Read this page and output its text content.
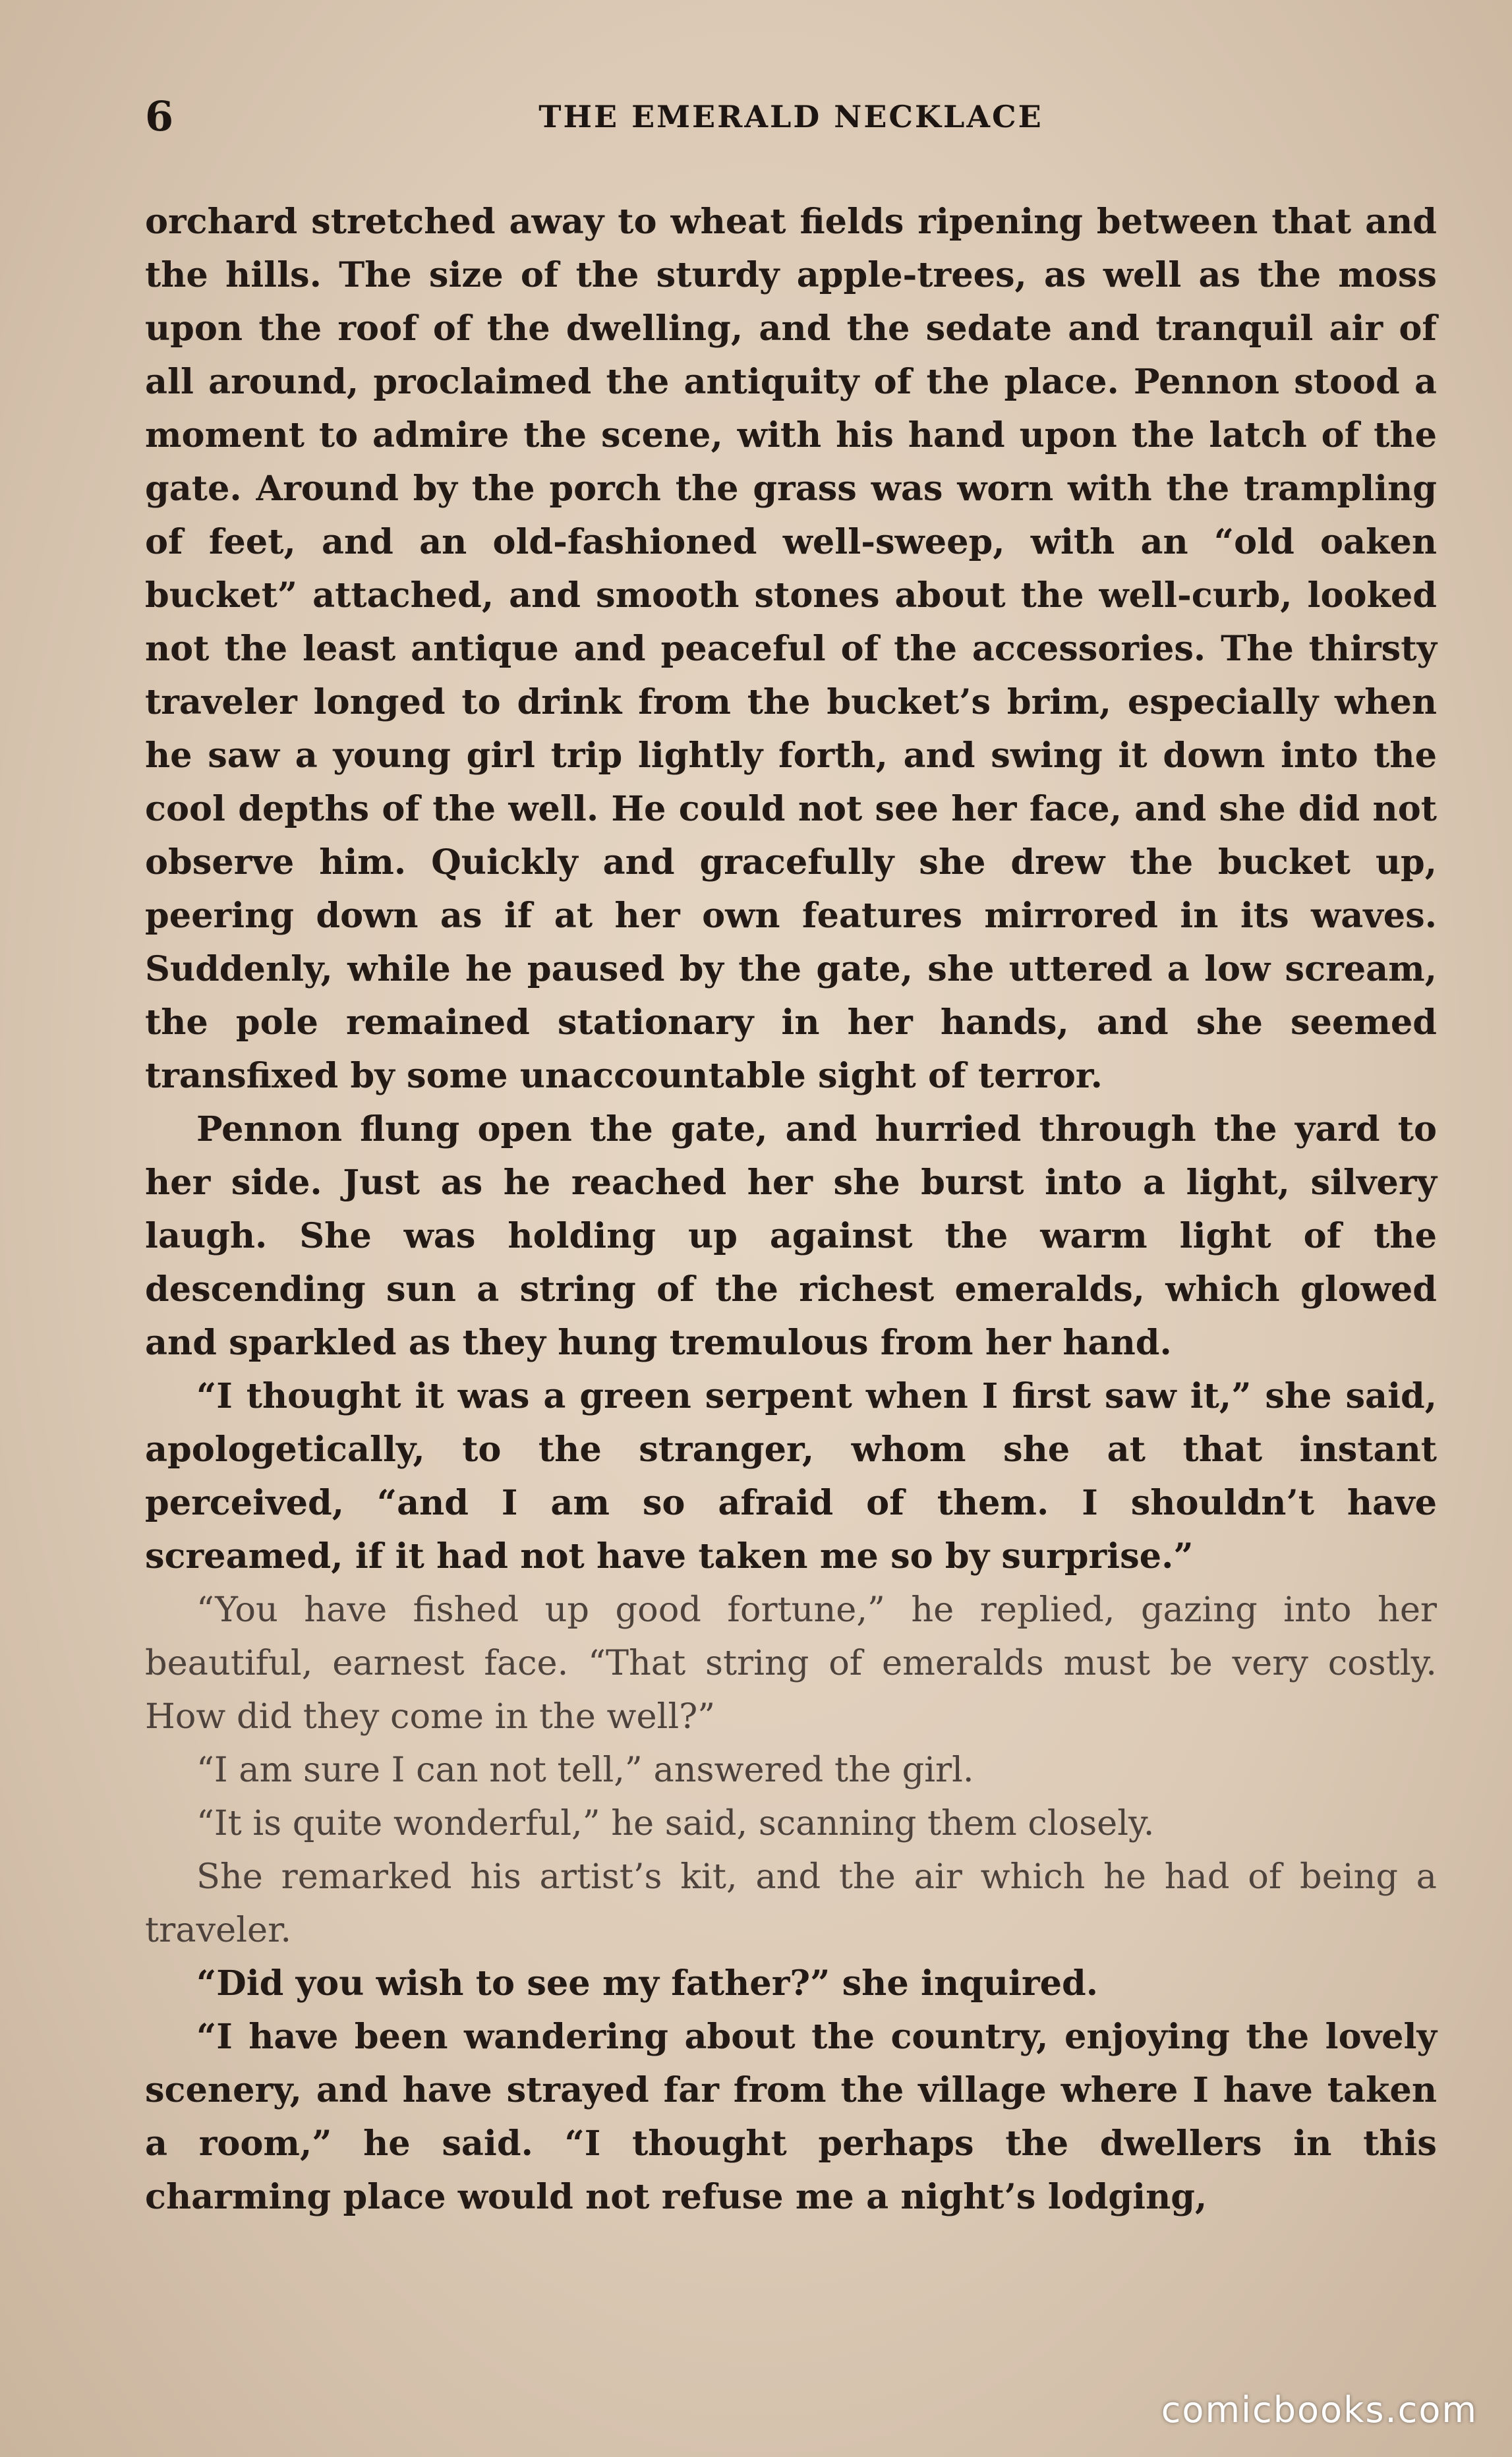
6	THE EMERALD NECKLACE

orchard stretched away to wheat fields ripening between that and the hills. The size of the sturdy apple-trees, as well as the moss upon the roof of the dwelling, and the sedate and tranquil air of all around, proclaimed the antiquity of the place. Pennon stood a moment to admire the scene, with his hand upon the latch of the gate. Around by the porch the grass was worn with the trampling of feet, and an old-fashioned well-sweep, with an “old oaken bucket” attached, and smooth stones about the well-curb, looked not the least antique and peaceful of the accessories. The thirsty traveler longed to drink from the bucket’s brim, especially when he saw a young girl trip lightly forth, and swing it down into the cool depths of the well. He could not see her face, and she did not observe him. Quickly and gracefully she drew the bucket up, peering down as if at her own features mirrored in its waves. Suddenly, while he paused by the gate, she uttered a low scream, the pole remained stationary in her hands, and she seemed transfixed by some unaccountable sight of terror.

Pennon flung open the gate, and hurried through the yard to her side. Just as he reached her she burst into a light, silvery laugh. She was holding up against the warm light of the descending sun a string of the richest emeralds, which glowed and sparkled as they hung tremulous from her hand.

“I thought it was a green serpent when I first saw it,” she said, apologetically, to the stranger, whom she at that instant perceived, “and I am so afraid of them. I shouldn’t have screamed, if it had not have taken me so by surprise.”

“You have fished up good fortune,” he replied, gazing into her beautiful, earnest face. “That string of emeralds must be very costly. How did they come in the well?”

“I am sure I can not tell,” answered the girl.

“It is quite wonderful,” he said, scanning them closely.

She remarked his artist’s kit, and the air which he had of being a traveler.

“Did you wish to see my father?” she inquired.

“I have been wandering about the country, enjoying the lovely scenery, and have strayed far from the village where I have taken a room,” he said. “I thought perhaps the dwellers in this charming place would not refuse me a night’s lodging,

comicbooks.com
